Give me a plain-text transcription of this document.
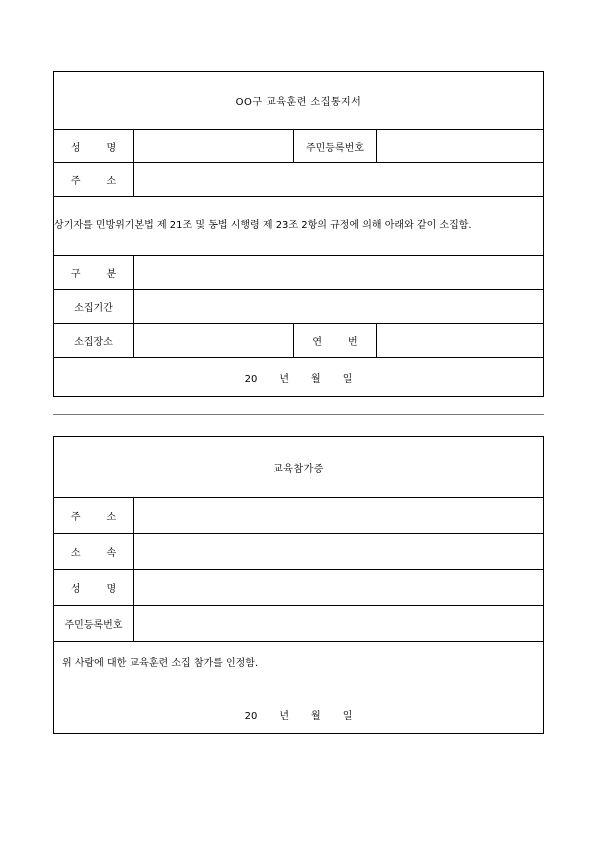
OO구 교육훈련 소집통지서			
성 명		주민등록번호	
주 소			
상기자를 민방위기본법 제 21조 및 동법 시행령 제 23조 2항의 규정에 의해 아래와 같이 소집함.			
구 분			
소집기간			
소집장소		연 번	
20 년 월 일			
교육참가증	
주 소	
소 속	
성 명	
주민등록번호	

위 사람에 대한 교육훈련 소집 참가를 인정함.
20 년 월 일	
